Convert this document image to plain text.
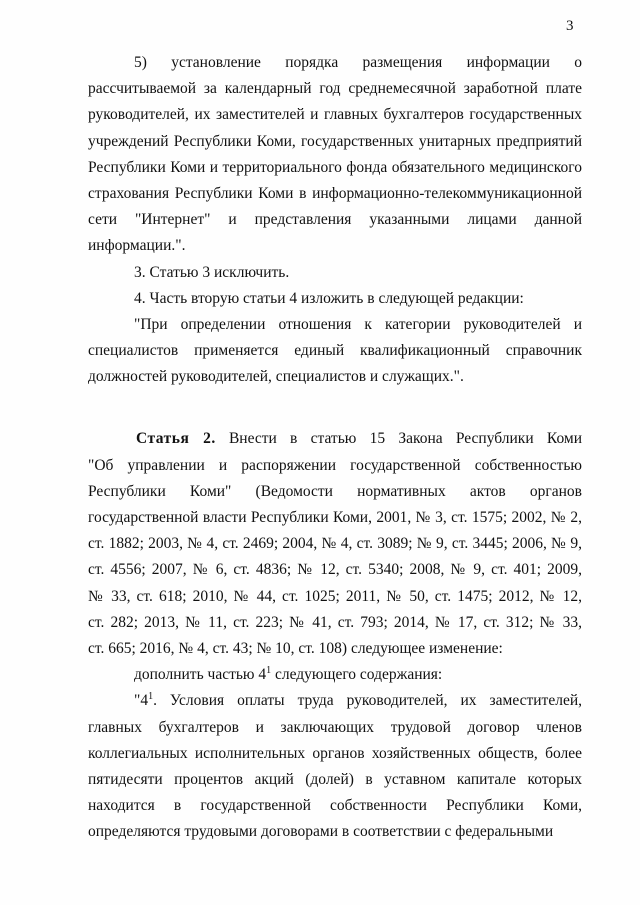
3
5) установление порядка размещения информации о
рассчитываемой за календарный год среднемесячной заработной плате
руководителей, их заместителей и главных бухгалтеров государственных
учреждений Республики Коми, государственных унитарных предприятий
Республики Коми и территориального фонда обязательного медицинского
страхования Республики Коми в информационно-телекоммуникационной
сети "Интернет" и представления указанными лицами данной
информации.".
3. Статью 3 исключить.
4. Часть вторую статьи 4 изложить в следующей редакции:
"При определении отношения к категории руководителей и
специалистов применяется единый квалификационный справочник
должностей руководителей, специалистов и служащих.".
Статья 2. Внести в статью 15 Закона Республики Коми
"Об управлении и распоряжении государственной собственностью
Республики Коми" (Ведомости нормативных актов органов
государственной власти Республики Коми, 2001, № 3, ст. 1575; 2002, № 2,
ст. 1882; 2003, № 4, ст. 2469; 2004, № 4, ст. 3089; № 9, ст. 3445; 2006, № 9,
ст. 4556; 2007, № 6, ст. 4836; № 12, ст. 5340; 2008, № 9, ст. 401; 2009,
№ 33, ст. 618; 2010, № 44, ст. 1025; 2011, № 50, ст. 1475; 2012, № 12,
ст. 282; 2013, № 11, ст. 223; № 41, ст. 793; 2014, № 17, ст. 312; № 33,
ст. 665; 2016, № 4, ст. 43; № 10, ст. 108) следующее изменение:
дополнить частью $4^1$ следующего содержания:
"$4^1$. Условия оплаты труда руководителей, их заместителей,
главных бухгалтеров и заключающих трудовой договор членов
коллегиальных исполнительных органов хозяйственных обществ, более
пятидесяти процентов акций (долей) в уставном капитале которых
находится в государственной собственности Республики Коми,
определяются трудовыми договорами в соответствии с федеральными
